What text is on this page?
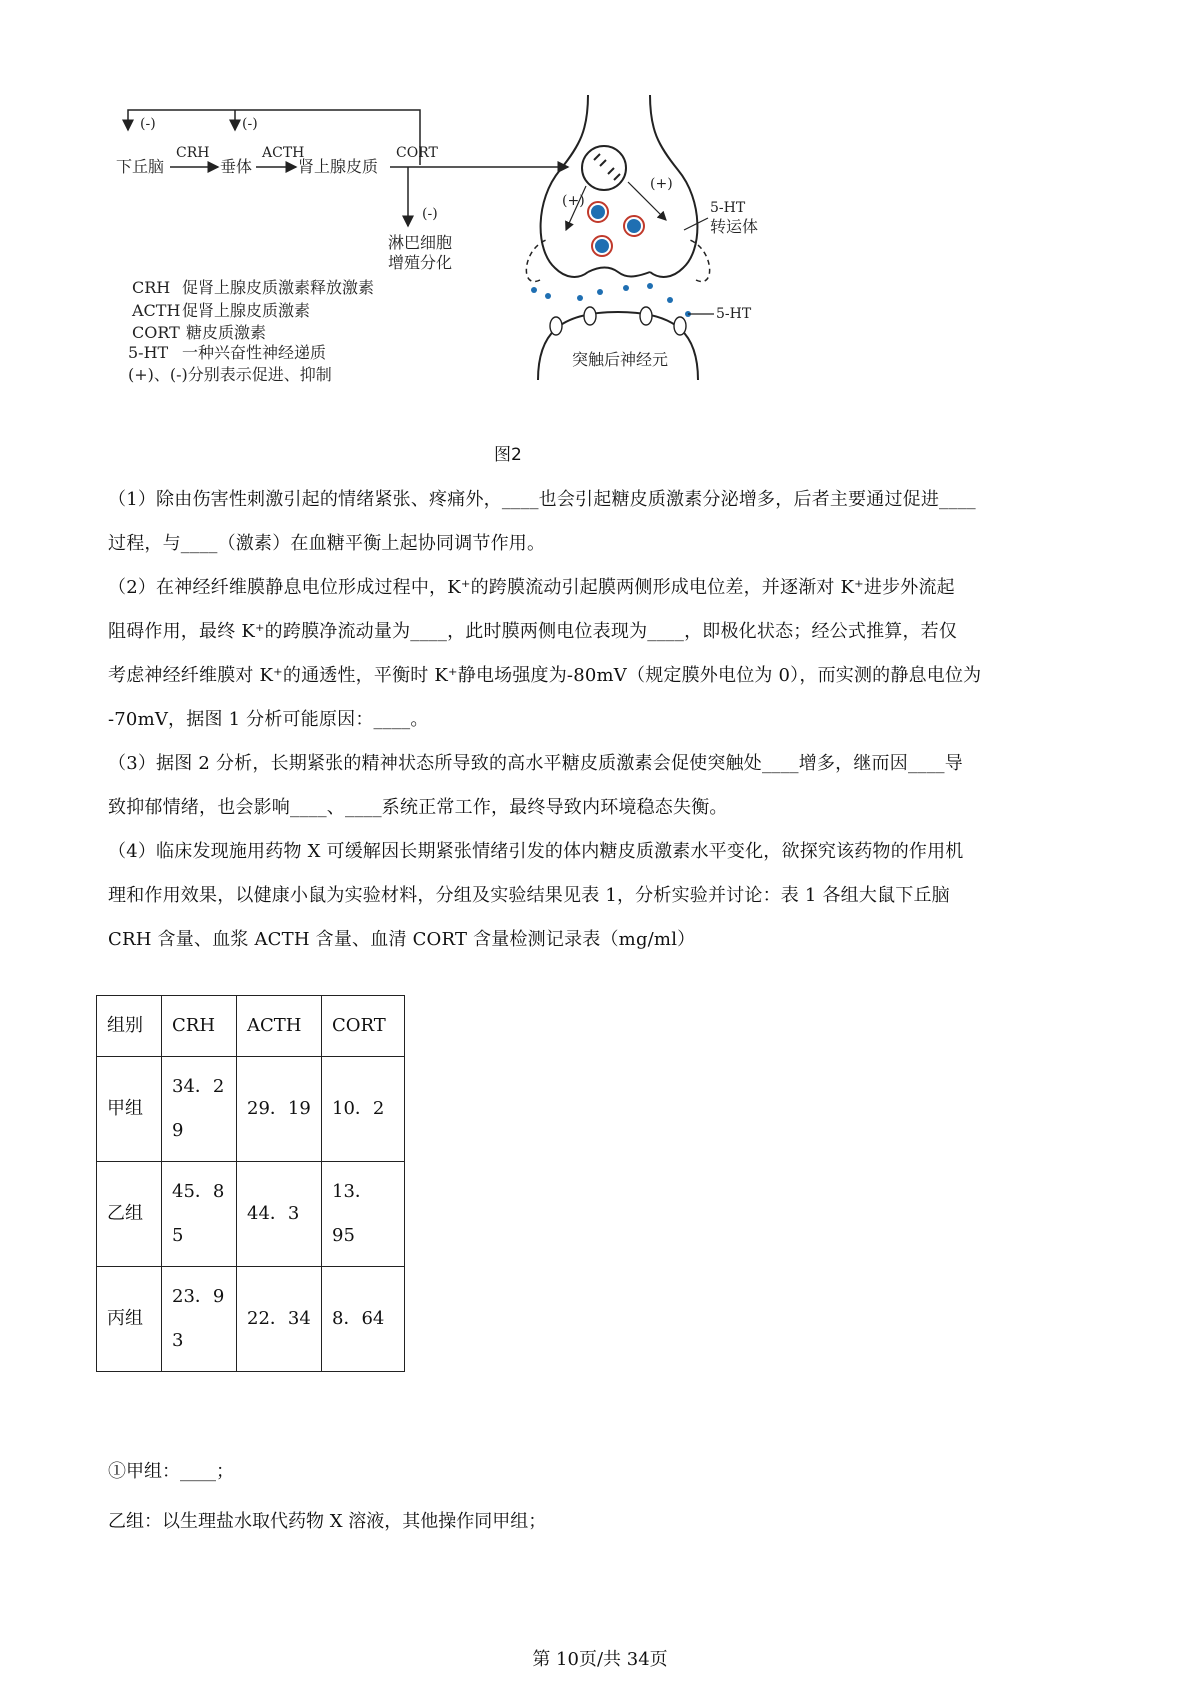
(-)	(-)
下丘脑
CRH
垂体
ACTH
肾上腺皮质
CORT
(-)
淋巴细胞
增殖分化
CRH 促肾上腺皮质激素释放激素
ACTH 促肾上腺皮质激素
CORT 糖皮质激素
5-HT 一种兴奋性神经递质
(+)、(-)分别表示促进、抑制
(+)
(+)
5-HT
转运体
5-HT
突触后神经元
图2
（1）除由伤害性刺激引起的情绪紧张、疼痛外，____也会引起糖皮质激素分泌增多，后者主要通过促进____
过程，与____（激素）在血糖平衡上起协同调节作用。
（2）在神经纤维膜静息电位形成过程中，K⁺的跨膜流动引起膜两侧形成电位差，并逐渐对 K⁺进步外流起
阻碍作用，最终 K⁺的跨膜净流动量为____，此时膜两侧电位表现为____，即极化状态；经公式推算，若仅
考虑神经纤维膜对 K⁺的通透性，平衡时 K⁺静电场强度为-80mV（规定膜外电位为 0），而实测的静息电位为
-70mV，据图 1 分析可能原因：____。
（3）据图 2 分析，长期紧张的精神状态所导致的高水平糖皮质激素会促使突触处____增多，继而因____导
致抑郁情绪，也会影响____、____系统正常工作，最终导致内环境稳态失衡。
（4）临床发现施用药物 X 可缓解因长期紧张情绪引发的体内糖皮质激素水平变化，欲探究该药物的作用机
理和作用效果，以健康小鼠为实验材料，分组及实验结果见表 1，分析实验并讨论：表 1 各组大鼠下丘脑
CRH 含量、血浆 ACTH 含量、血清 CORT 含量检测记录表（mg/ml）
组别	CRH	ACTH	CORT
甲组	34．29	29．19	10．2
乙组	45．85	44．3	13．95
丙组	23．93	22．34	8．64
①甲组：____；
乙组：以生理盐水取代药物 X 溶液，其他操作同甲组；
第 10页/共 34页
